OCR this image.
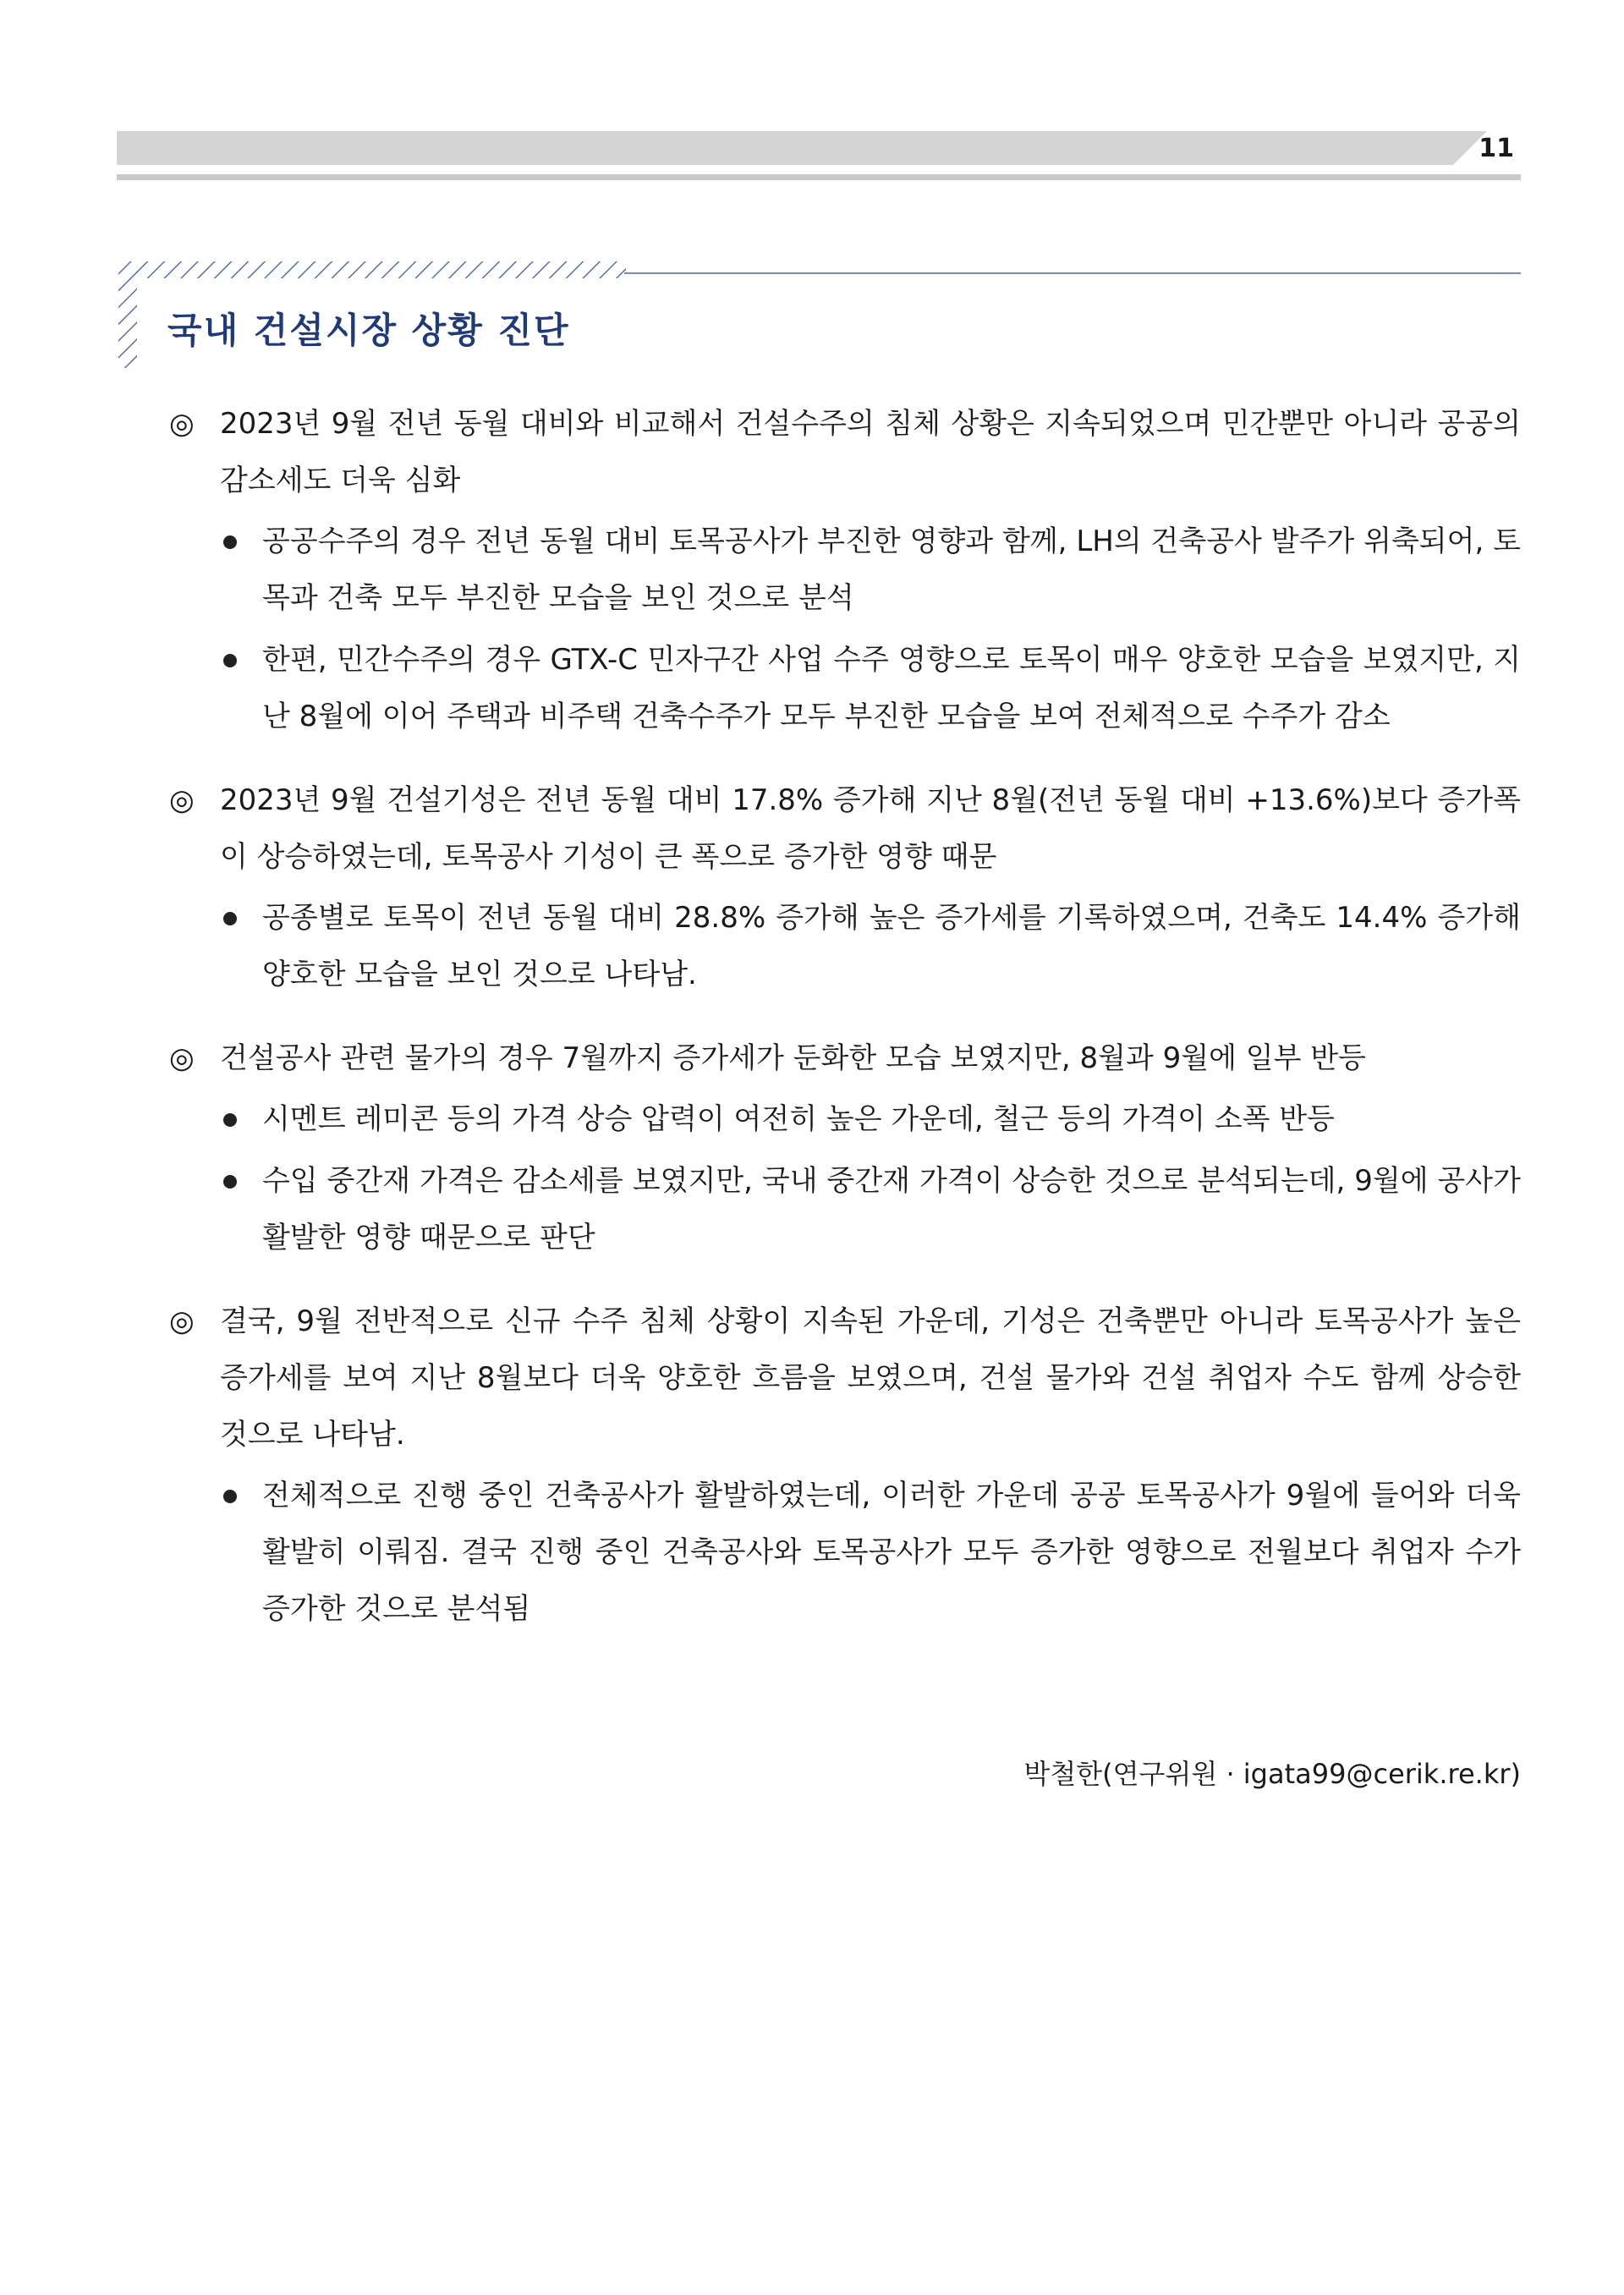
11
국내 건설시장 상황 진단
◎ 2023년 9월 전년 동월 대비와 비교해서 건설수주의 침체 상황은 지속되었으며 민간뿐만 아니라 공공의 감소세도 더욱 심화
공공수주의 경우 전년 동월 대비 토목공사가 부진한 영향과 함께, LH의 건축공사 발주가 위축되어, 토목과 건축 모두 부진한 모습을 보인 것으로 분석
한편, 민간수주의 경우 GTX-C 민자구간 사업 수주 영향으로 토목이 매우 양호한 모습을 보였지만, 지난 8월에 이어 주택과 비주택 건축수주가 모두 부진한 모습을 보여 전체적으로 수주가 감소
◎ 2023년 9월 건설기성은 전년 동월 대비 17.8% 증가해 지난 8월(전년 동월 대비 +13.6%)보다 증가폭이 상승하였는데, 토목공사 기성이 큰 폭으로 증가한 영향 때문
공종별로 토목이 전년 동월 대비 28.8% 증가해 높은 증가세를 기록하였으며, 건축도 14.4% 증가해 양호한 모습을 보인 것으로 나타남.
◎ 건설공사 관련 물가의 경우 7월까지 증가세가 둔화한 모습 보였지만, 8월과 9월에 일부 반등
시멘트 레미콘 등의 가격 상승 압력이 여전히 높은 가운데, 철근 등의 가격이 소폭 반등
수입 중간재 가격은 감소세를 보였지만, 국내 중간재 가격이 상승한 것으로 분석되는데, 9월에 공사가 활발한 영향 때문으로 판단
◎ 결국, 9월 전반적으로 신규 수주 침체 상황이 지속된 가운데, 기성은 건축뿐만 아니라 토목공사가 높은 증가세를 보여 지난 8월보다 더욱 양호한 흐름을 보였으며, 건설 물가와 건설 취업자 수도 함께 상승한 것으로 나타남.
전체적으로 진행 중인 건축공사가 활발하였는데, 이러한 가운데 공공 토목공사가 9월에 들어와 더욱 활발히 이뤄짐. 결국 진행 중인 건축공사와 토목공사가 모두 증가한 영향으로 전월보다 취업자 수가 증가한 것으로 분석됨
박철한(연구위원 · igata99@cerik.re.kr)
